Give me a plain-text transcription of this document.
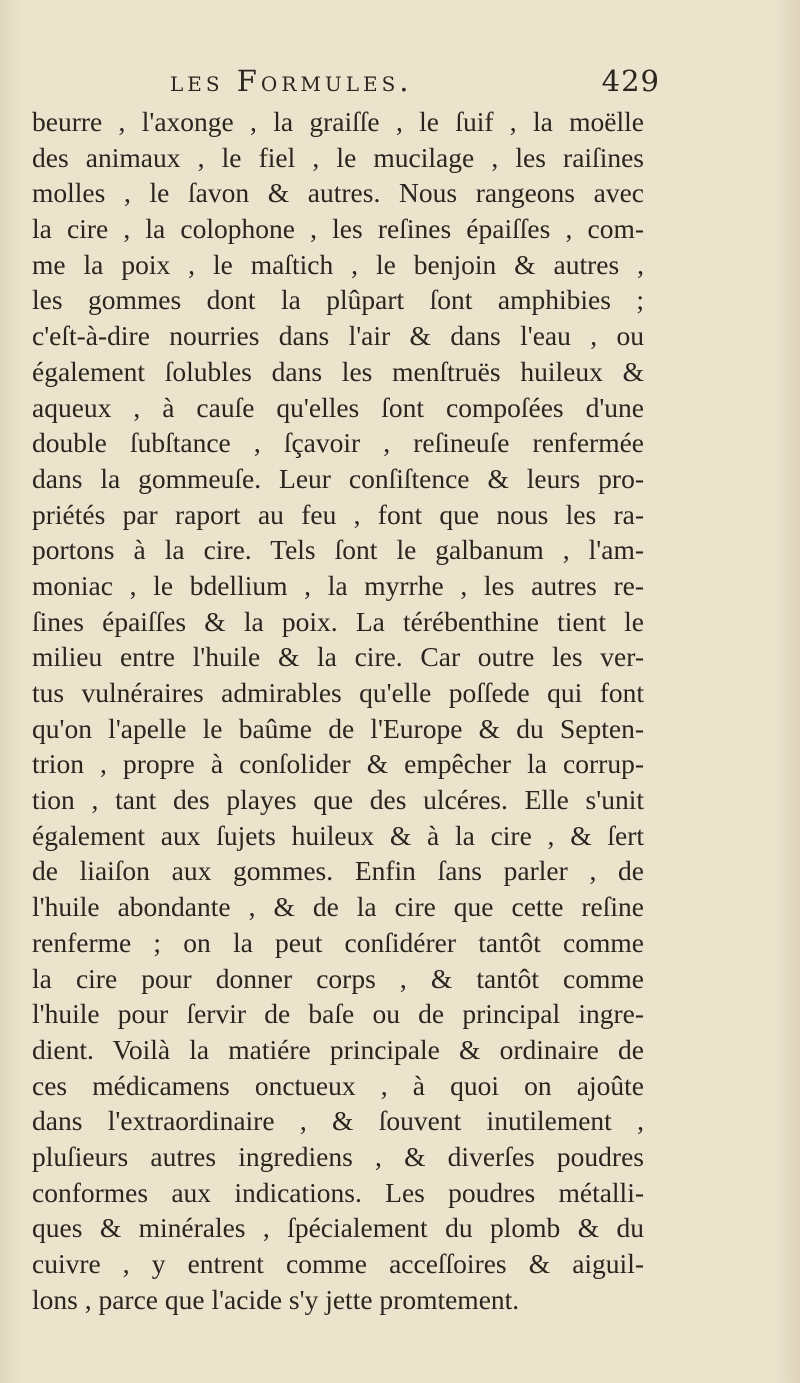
les Formules.	429
beurre , l'axonge , la graiſſe , le ſuif , la moëlle
des animaux , le fiel , le mucilage , les raiſines
molles , le ſavon & autres. Nous rangeons avec
la cire , la colophone , les reſines épaiſſes , com-
me la poix , le maſtich , le benjoin & autres ,
les gommes dont la plûpart ſont amphibies ;
c'eſt-à-dire nourries dans l'air & dans l'eau , ou
également ſolubles dans les menſtruës huileux &
aqueux , à cauſe qu'elles ſont compoſées d'une
double ſubſtance , ſçavoir , reſineuſe renfermée
dans la gommeuſe. Leur conſiſtence & leurs pro-
priétés par raport au feu , font que nous les ra-
portons à la cire. Tels ſont le galbanum , l'am-
moniac , le bdellium , la myrrhe , les autres re-
ſines épaiſſes & la poix. La térébenthine tient le
milieu entre l'huile & la cire. Car outre les ver-
tus vulnéraires admirables qu'elle poſſede qui font
qu'on l'apelle le baûme de l'Europe & du Septen-
trion , propre à conſolider & empêcher la corrup-
tion , tant des playes que des ulcéres. Elle s'unit
également aux ſujets huileux & à la cire , & ſert
de liaiſon aux gommes. Enfin ſans parler , de
l'huile abondante , & de la cire que cette reſine
renferme ; on la peut conſidérer tantôt comme
la cire pour donner corps , & tantôt comme
l'huile pour ſervir de baſe ou de principal ingre-
dient. Voilà la matiére principale & ordinaire de
ces médicamens onctueux , à quoi on ajoûte
dans l'extraordinaire , & ſouvent inutilement ,
pluſieurs autres ingrediens , & diverſes poudres
conformes aux indications. Les poudres métalli-
ques & minérales , ſpécialement du plomb & du
cuivre , y entrent comme acceſſoires & aiguil-
lons , parce que l'acide s'y jette promtement.
